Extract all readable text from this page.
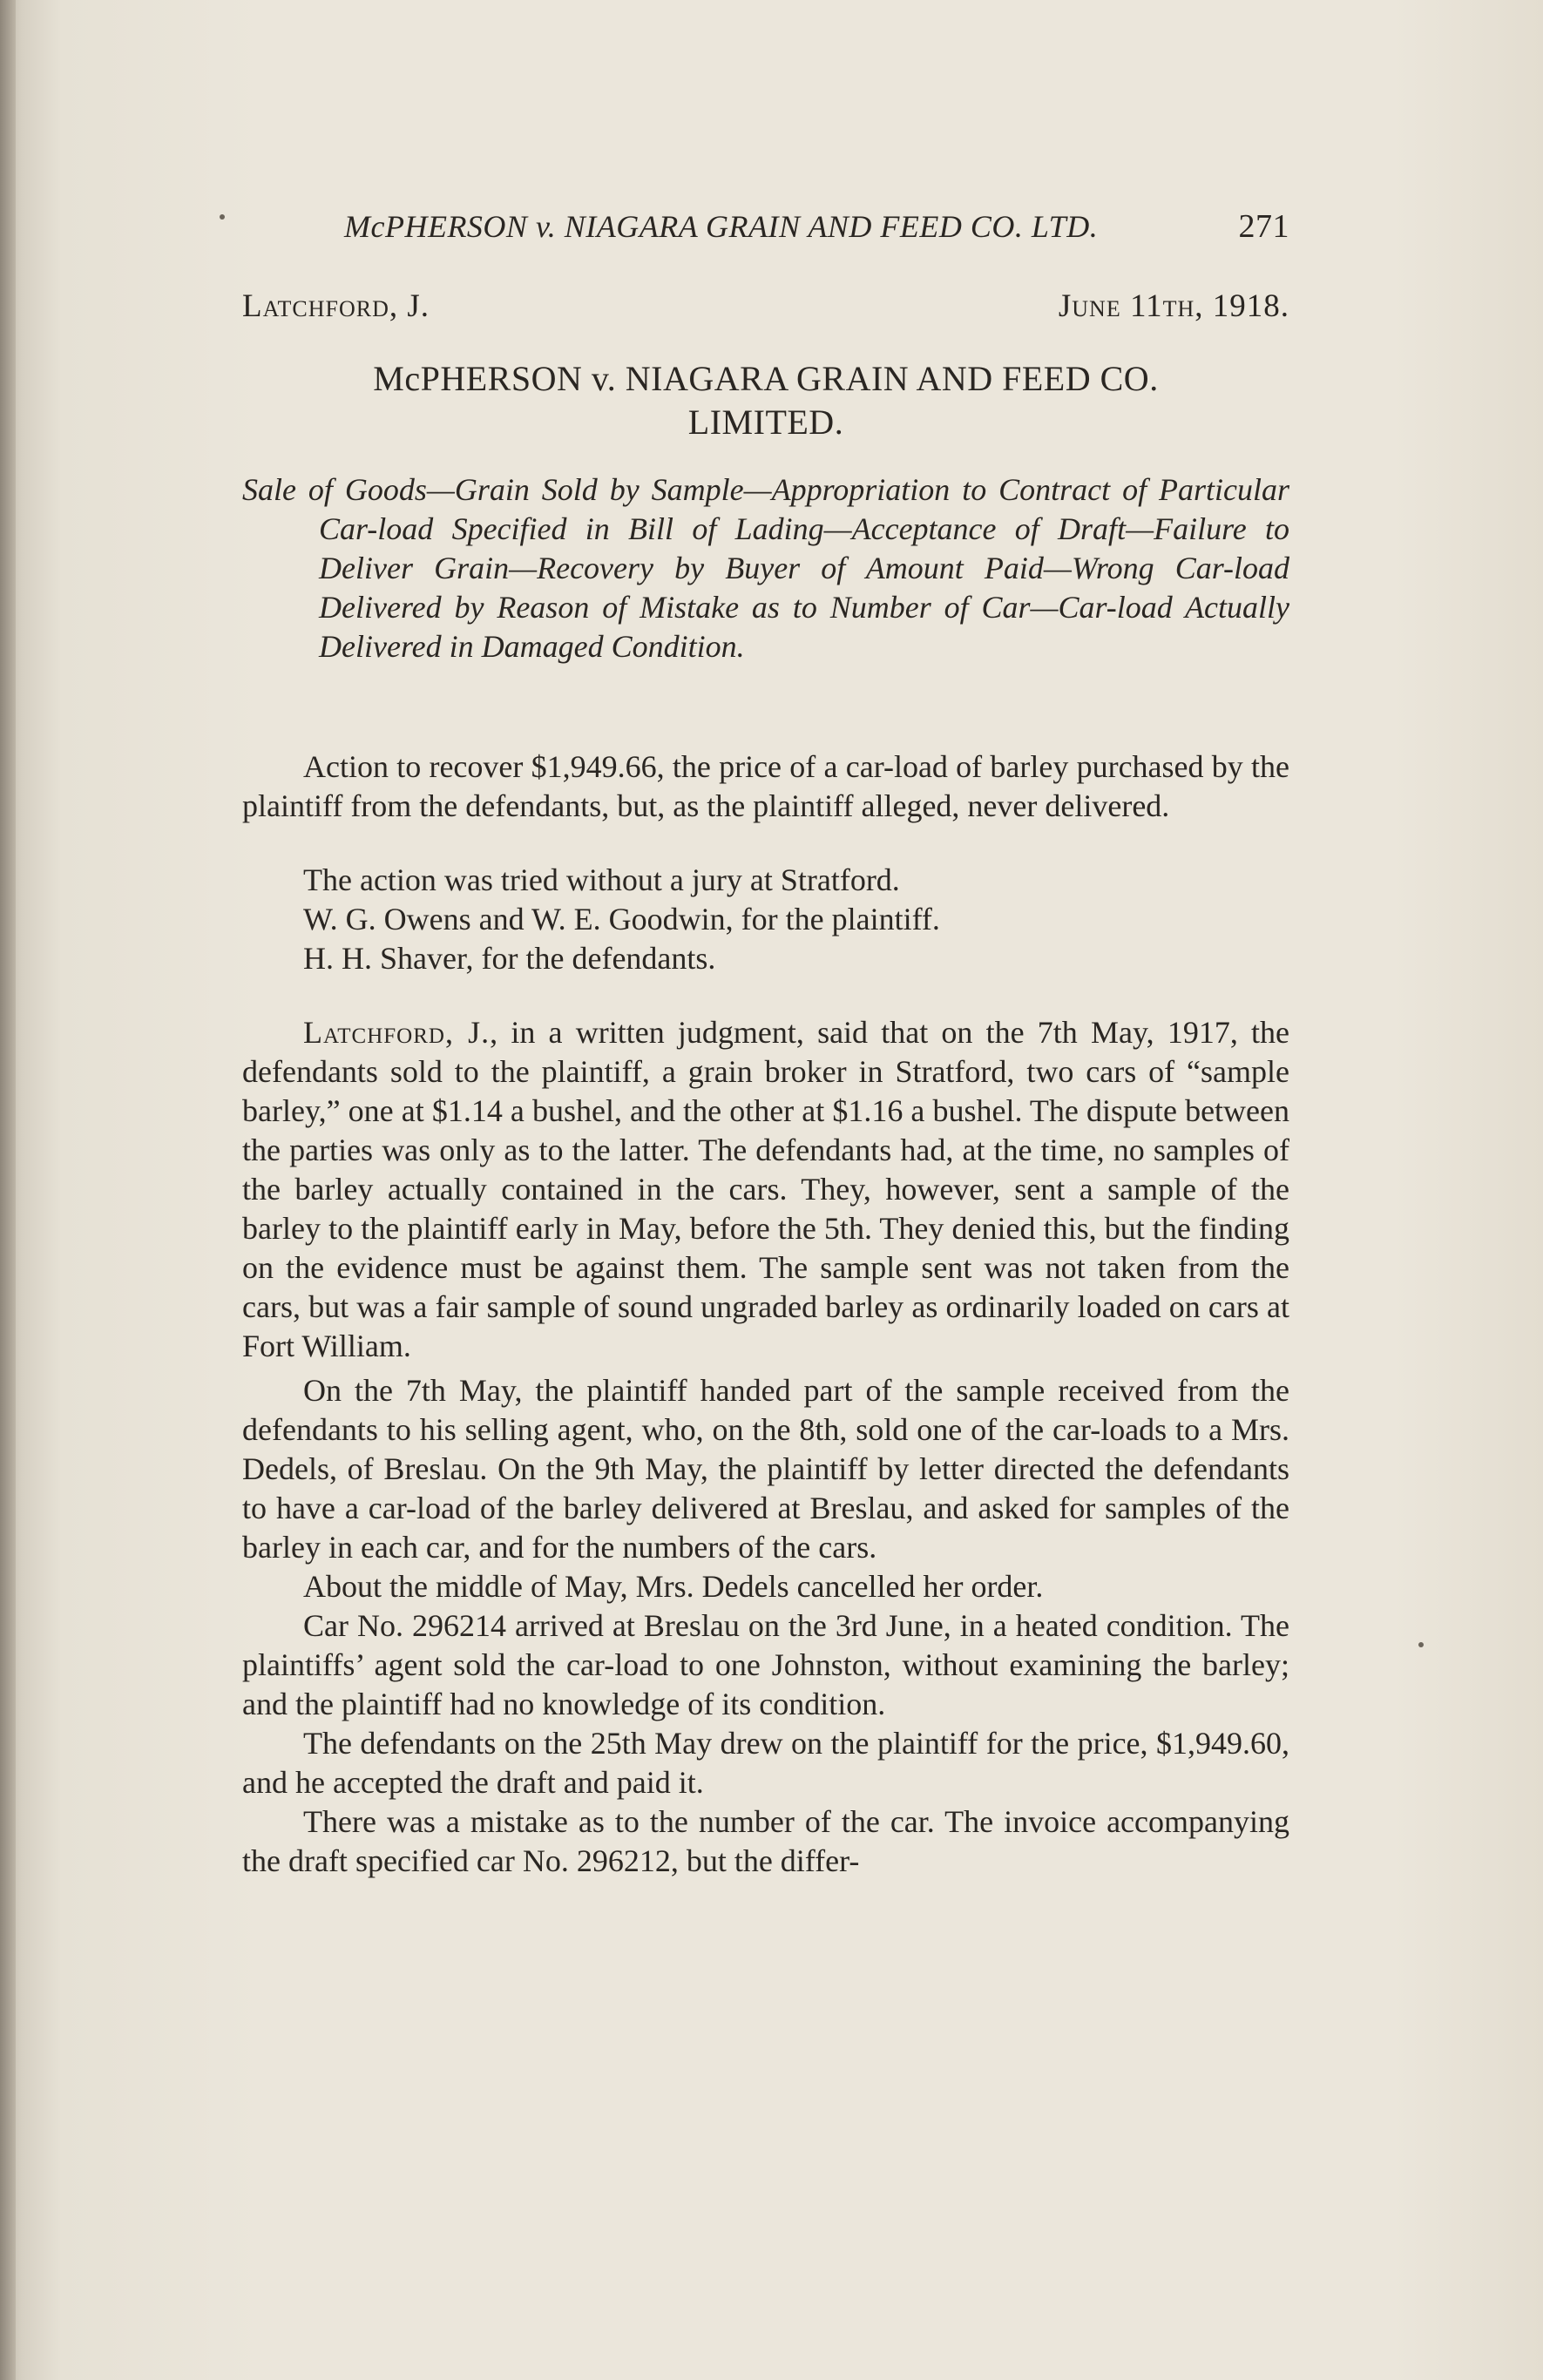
McPHERSON v. NIAGARA GRAIN AND FEED CO. LTD.	271
Latchford, J.	June 11th, 1918.
McPHERSON v. NIAGARA GRAIN AND FEED CO.
LIMITED.
Sale of Goods—Grain Sold by Sample—Appropriation to Contract of Particular Car-load Specified in Bill of Lading—Acceptance of Draft—Failure to Deliver Grain—Recovery by Buyer of Amount Paid—Wrong Car-load Delivered by Reason of Mistake as to Number of Car—Car-load Actually Delivered in Damaged Condition.

Action to recover $1,949.66, the price of a car-load of barley purchased by the plaintiff from the defendants, but, as the plaintiff alleged, never delivered.

The action was tried without a jury at Stratford.

W. G. Owens and W. E. Goodwin, for the plaintiff.

H. H. Shaver, for the defendants.

Latchford, J., in a written judgment, said that on the 7th May, 1917, the defendants sold to the plaintiff, a grain broker in Stratford, two cars of “sample barley,” one at $1.14 a bushel, and the other at $1.16 a bushel. The dispute between the parties was only as to the latter. The defendants had, at the time, no samples of the barley actually contained in the cars. They, however, sent a sample of the barley to the plaintiff early in May, before the 5th. They denied this, but the finding on the evidence must be against them. The sample sent was not taken from the cars, but was a fair sample of sound ungraded barley as ordinarily loaded on cars at Fort William.

On the 7th May, the plaintiff handed part of the sample received from the defendants to his selling agent, who, on the 8th, sold one of the car-loads to a Mrs. Dedels, of Breslau. On the 9th May, the plaintiff by letter directed the defendants to have a car-load of the barley delivered at Breslau, and asked for samples of the barley in each car, and for the numbers of the cars.

About the middle of May, Mrs. Dedels cancelled her order.

Car No. 296214 arrived at Breslau on the 3rd June, in a heated condition. The plaintiffs’ agent sold the car-load to one Johnston, without examining the barley; and the plaintiff had no knowledge of its condition.

The defendants on the 25th May drew on the plaintiff for the price, $1,949.60, and he accepted the draft and paid it.

There was a mistake as to the number of the car. The invoice accompanying the draft specified car No. 296212, but the differ-
